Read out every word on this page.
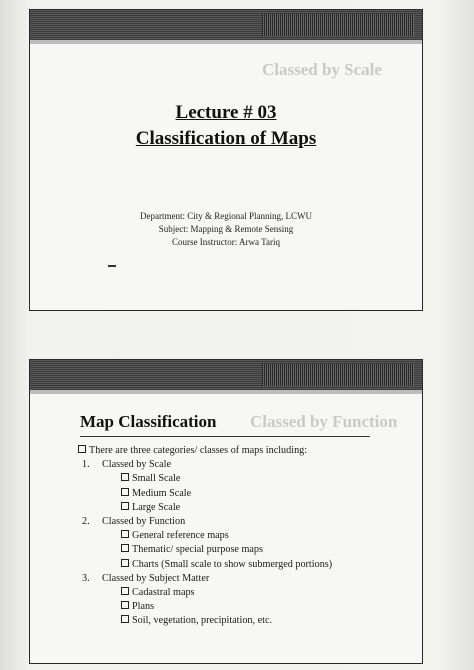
Classed by Scale
Lecture # 03
Classification of Maps
Department: City & Regional Planning, LCWU
Subject: Mapping & Remote Sensing
Course Instructor: Arwa Tariq
Classed by Function
Map Classification
There are three categories/ classes of maps including:
1. Classed by Scale
Small Scale
Medium Scale
Large Scale
2. Classed by Function
General reference maps
Thematic/ special purpose maps
Charts (Small scale to show submerged portions)
3. Classed by Subject Matter
Cadastral maps
Plans
Soil, vegetation, precipitation, etc.
